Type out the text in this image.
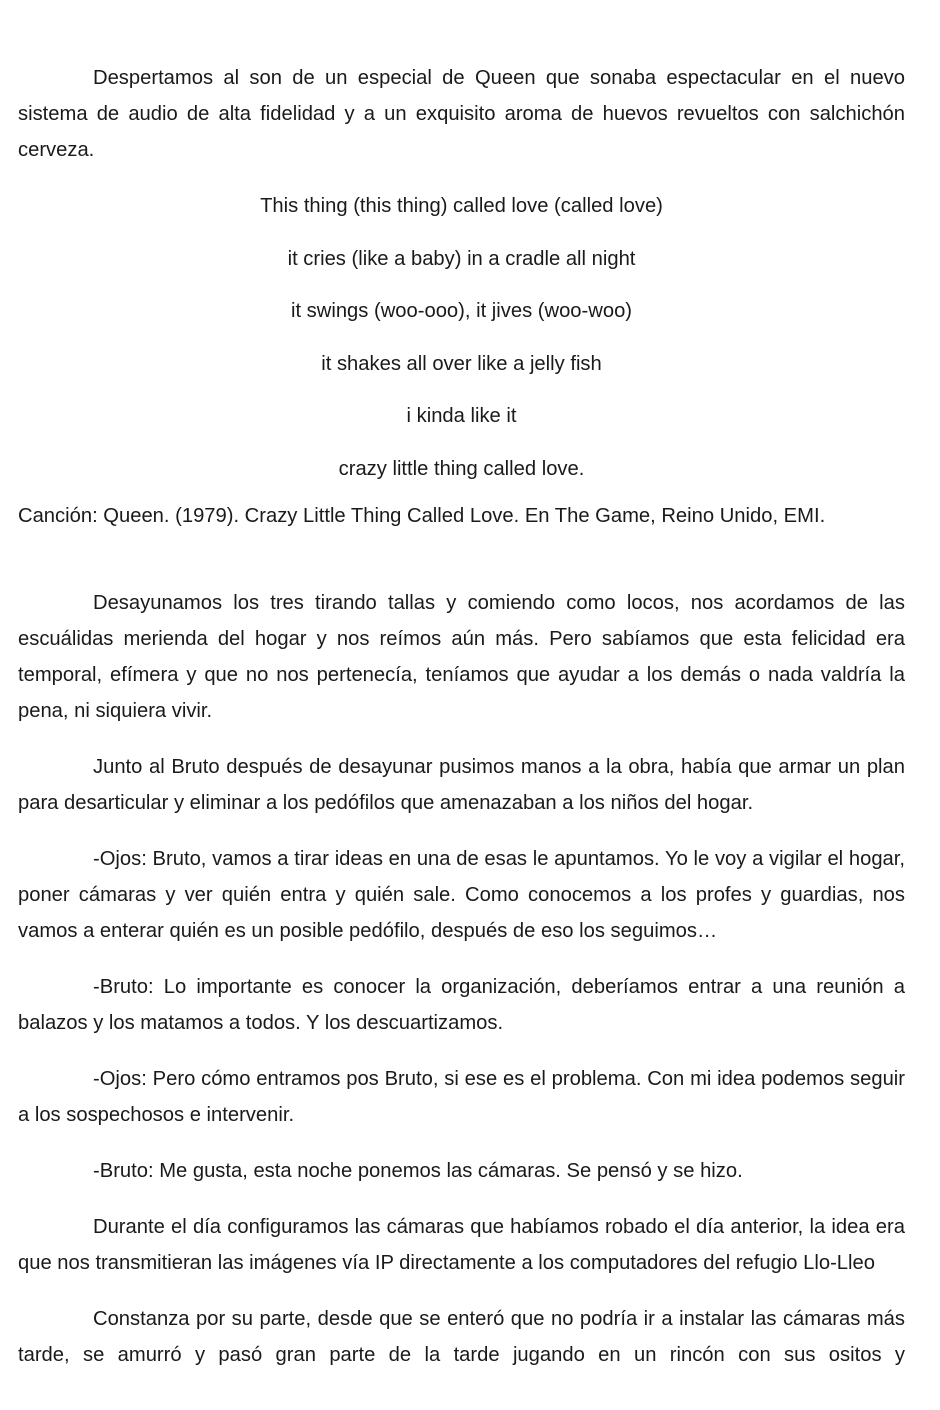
Despertamos al son de un especial de Queen que sonaba espectacular en el nuevo sistema de audio de alta fidelidad y a un exquisito aroma de huevos revueltos con salchichón cerveza.

This thing (this thing) called love (called love)
it cries (like a baby) in a cradle all night
it swings (woo-ooo), it jives (woo-woo)
it shakes all over like a jelly fish
i kinda like it
crazy little thing called love.

Canción: Queen. (1979). Crazy Little Thing Called Love. En The Game, Reino Unido, EMI.

Desayunamos los tres tirando tallas y comiendo como locos, nos acordamos de las escuálidas merienda del hogar y nos reímos aún más. Pero sabíamos que esta felicidad era temporal, efímera y que no nos pertenecía, teníamos que ayudar a los demás o nada valdría la pena, ni siquiera vivir.

Junto al Bruto después de desayunar pusimos manos a la obra, había que armar un plan para desarticular y eliminar a los pedófilos que amenazaban a los niños del hogar.

-Ojos: Bruto, vamos a tirar ideas en una de esas le apuntamos. Yo le voy a vigilar el hogar, poner cámaras y ver quién entra y quién sale. Como conocemos a los profes y guardias, nos vamos a enterar quién es un posible pedófilo, después de eso los seguimos…

-Bruto: Lo importante es conocer la organización, deberíamos entrar a una reunión a balazos y los matamos a todos. Y los descuartizamos.

-Ojos: Pero cómo entramos pos Bruto, si ese es el problema. Con mi idea podemos seguir a los sospechosos e intervenir.

-Bruto: Me gusta, esta noche ponemos las cámaras. Se pensó y se hizo.

Durante el día configuramos las cámaras que habíamos robado el día anterior, la idea era que nos transmitieran las imágenes vía IP directamente a los computadores del refugio Llo-Lleo

Constanza por su parte, desde que se enteró que no podría ir a instalar las cámaras más tarde, se amurró y pasó gran parte de la tarde jugando en un rincón con sus ositos y
